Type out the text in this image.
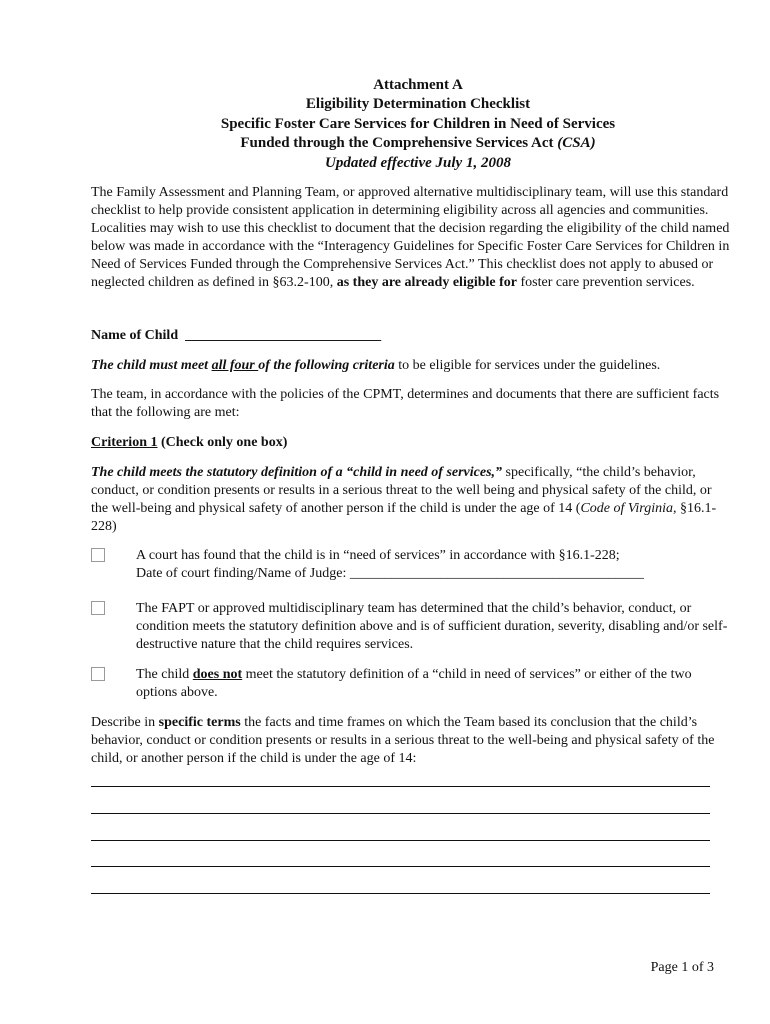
Attachment A
Eligibility Determination Checklist
Specific Foster Care Services for Children in Need of Services
Funded through the Comprehensive Services Act (CSA)
Updated effective July 1, 2008

The Family Assessment and Planning Team, or approved alternative multidisciplinary team, will use this standard checklist to help provide consistent application in determining eligibility across all agencies and communities. Localities may wish to use this checklist to document that the decision regarding the eligibility of the child named below was made in accordance with the “Interagency Guidelines for Specific Foster Care Services for Children in Need of Services Funded through the Comprehensive Services Act.” This checklist does not apply to abused or neglected children as defined in §63.2-100, as they are already eligible for foster care prevention services.

Name of Child ____________________________

The child must meet all four of the following criteria to be eligible for services under the guidelines.

The team, in accordance with the policies of the CPMT, determines and documents that there are sufficient facts that the following are met:

Criterion 1 (Check only one box)

The child meets the statutory definition of a “child in need of services,” specifically, “the child’s behavior, conduct, or condition presents or results in a serious threat to the well being and physical safety of the child, or the well-being and physical safety of another person if the child is under the age of 14 (Code of Virginia, §16.1-228)

A court has found that the child is in “need of services” in accordance with §16.1-228;
Date of court finding/Name of Judge: __________________________________________

The FAPT or approved multidisciplinary team has determined that the child’s behavior, conduct, or condition meets the statutory definition above and is of sufficient duration, severity, disabling and/or self-destructive nature that the child requires services.

The child does not meet the statutory definition of a “child in need of services” or either of the two options above.

Describe in specific terms the facts and time frames on which the Team based its conclusion that the child’s behavior, conduct or condition presents or results in a serious threat to the well-being and physical safety of the child, or another person if the child is under the age of 14:

Page 1 of 3
